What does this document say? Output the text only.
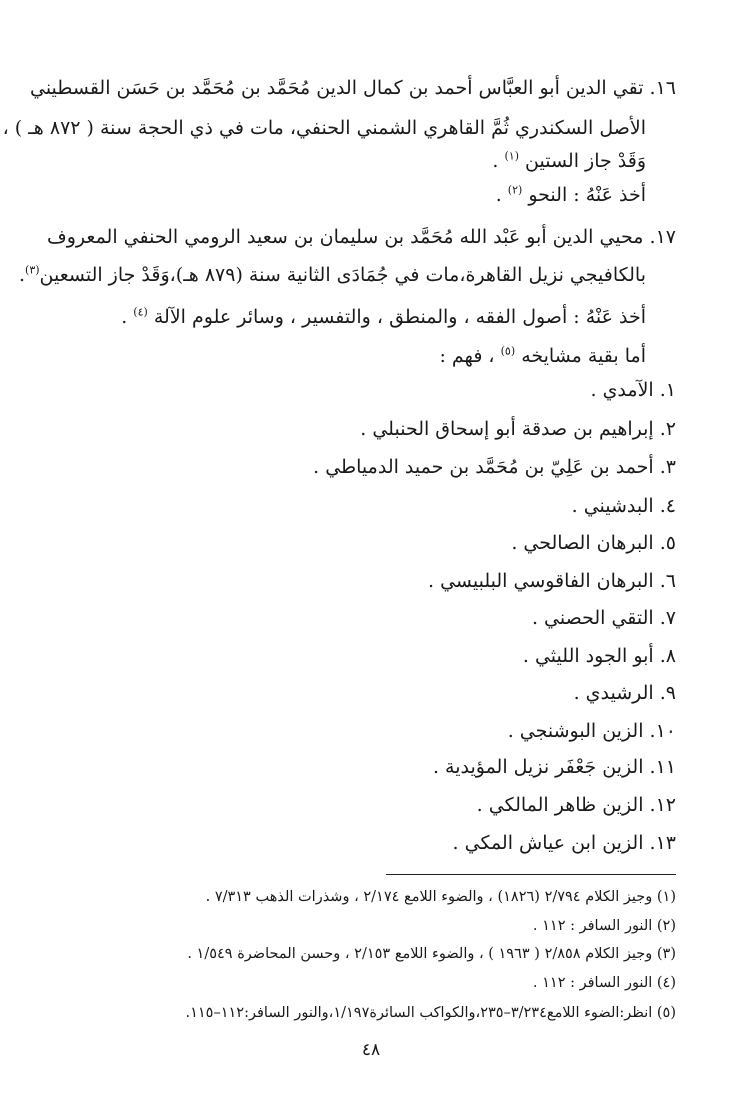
١٦. تقي الدين أبو العبَّاس أحمد بن كمال الدين مُحَمَّد بن مُحَمَّد بن حَسَن القسطيني
الأصل السكندري ثُمَّ القاهري الشمني الحنفي، مات في ذي الحجة سنة ( ٨٧٢ هـ ) ،
وَقَدْ جاز الستين $^{(١)}$ .
أخذ عَنْهُ : النحو $^{(٢)}$ .
١٧. محيي الدين أبو عَبْد الله مُحَمَّد بن سليمان بن سعيد الرومي الحنفي المعروف
بالكافيجي نزيل القاهرة،مات في جُمَادَى الثانية سنة (٨٧٩ هـ)،وَقَدْ جاز التسعين$^{(٣)}$.
أخذ عَنْهُ : أصول الفقه ، والمنطق ، والتفسير ، وسائر علوم الآلة $^{(٤)}$ .
أما بقية مشايخه $^{(٥)}$ ، فهم :
١. الآمدي .
٢. إبراهيم بن صدقة أبو إسحاق الحنبلي .
٣. أحمد بن عَلِيّ بن مُحَمَّد بن حميد الدمياطي .
٤. البدشيني .
٥. البرهان الصالحي .
٦. البرهان الفاقوسي البلبيسي .
٧. التقي الحصني .
٨. أبو الجود الليثي .
٩. الرشيدي .
١٠. الزين البوشنجي .
١١. الزين جَعْفَر نزيل المؤيدية .
١٢. الزين ظاهر المالكي .
١٣. الزين ابن عياش المكي .
(١) وجيز الكلام ٢/٧٩٤ (١٨٢٦) ، والضوء اللامع ٢/١٧٤ ، وشذرات الذهب ٧/٣١٣ .
(٢) النور السافر : ١١٢ .
(٣) وجيز الكلام ٢/٨٥٨ ( ١٩٦٣ ) ، والضوء اللامع ٢/١٥٣ ، وحسن المحاضرة ١/٥٤٩ .
(٤) النور السافر : ١١٢ .
(٥) انظر:الضوء اللامع٣/٢٣٤–٢٣٥،والكواكب السائرة١/١٩٧،والنور السافر:١١٢–١١٥.
٤٨
